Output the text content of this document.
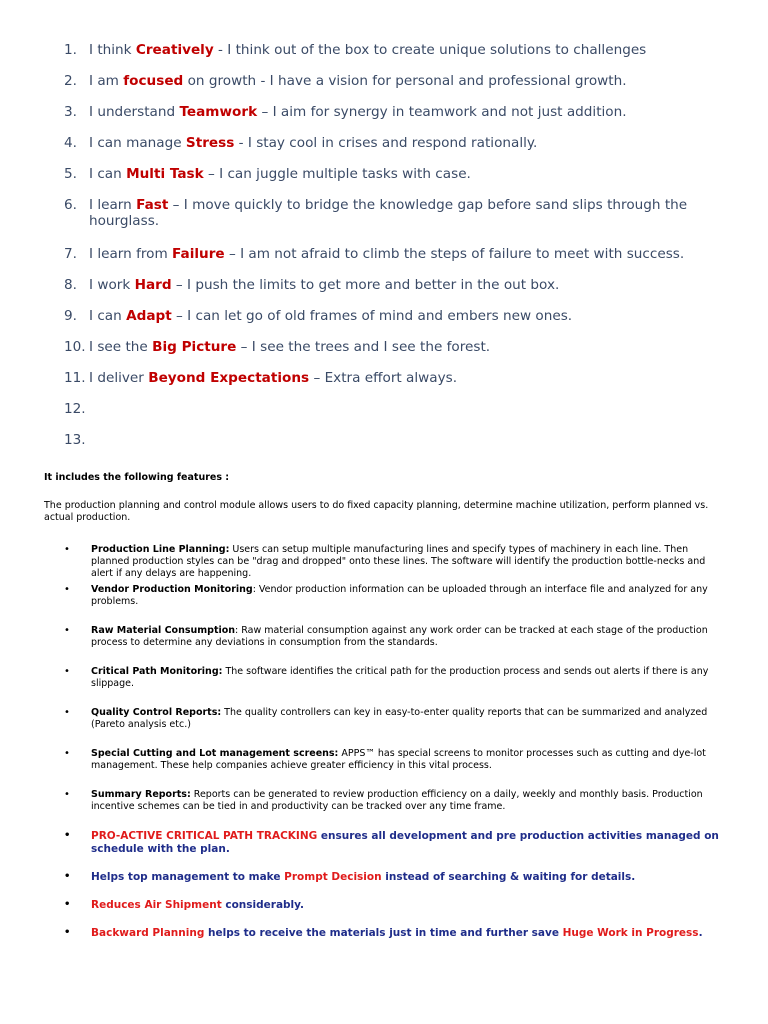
1. I think Creatively - I think out of the box to create unique solutions to challenges
2. I am focused on growth - I have a vision for personal and professional growth.
3. I understand Teamwork – I aim for synergy in teamwork and not just addition.
4. I can manage Stress - I stay cool in crises and respond rationally.
5. I can Multi Task – I can juggle multiple tasks with case.
6. I learn Fast – I move quickly to bridge the knowledge gap before sand slips through the hourglass.
7. I learn from Failure – I am not afraid to climb the steps of failure to meet with success.
8. I work Hard – I push the limits to get more and better in the out box.
9. I can Adapt – I can let go of old frames of mind and embers new ones.
10. I see the Big Picture – I see the trees and I see the forest.
11. I deliver Beyond Expectations – Extra effort always.
12.
13.
It includes the following features :
The production planning and control module allows users to do fixed capacity planning, determine machine utilization, perform planned vs. actual production.
•	Production Line Planning: Users can setup multiple manufacturing lines and specify types of machinery in each line. Then planned production styles can be "drag and dropped" onto these lines. The software will identify the production bottle-necks and alert if any delays are happening.
•	Vendor Production Monitoring: Vendor production information can be uploaded through an interface file and analyzed for any problems.
•	Raw Material Consumption: Raw material consumption against any work order can be tracked at each stage of the production process to determine any deviations in consumption from the standards.
•	Critical Path Monitoring: The software identifies the critical path for the production process and sends out alerts if there is any slippage.
•	Quality Control Reports: The quality controllers can key in easy-to-enter quality reports that can be summarized and analyzed (Pareto analysis etc.)
•	Special Cutting and Lot management screens: APPS™ has special screens to monitor processes such as cutting and dye-lot management. These help companies achieve greater efficiency in this vital process.
•	Summary Reports: Reports can be generated to review production efficiency on a daily, weekly and monthly basis. Production incentive schemes can be tied in and productivity can be tracked over any time frame.
•	PRO-ACTIVE CRITICAL PATH TRACKING ensures all development and pre production activities managed on schedule with the plan.
•	Helps top management to make Prompt Decision instead of searching & waiting for details.
•	Reduces Air Shipment considerably.
•	Backward Planning helps to receive the materials just in time and further save Huge Work in Progress.
